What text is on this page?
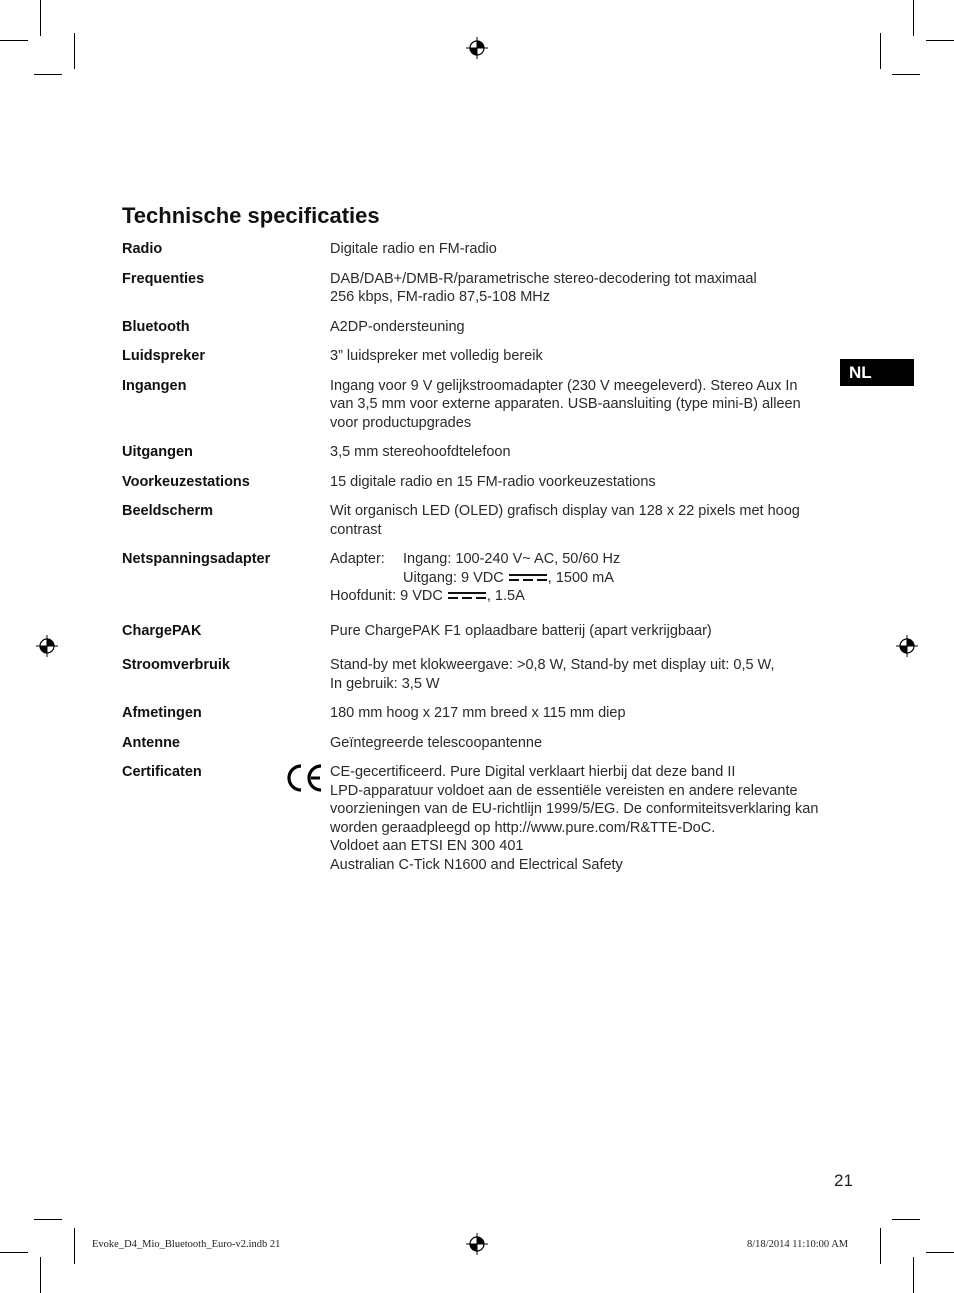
Technische specificaties
NL
Radio	Digitale radio en FM-radio
Frequenties	DAB/DAB+/DMB-R/parametrische stereo-decodering tot maximaal
256 kbps, FM-radio 87,5-108 MHz
Bluetooth	A2DP-ondersteuning
Luidspreker	3” luidspreker met volledig bereik
Ingangen	Ingang voor 9 V gelijkstroomadapter (230 V meegeleverd). Stereo Aux In
van 3,5 mm voor externe apparaten. USB-aansluiting (type mini-B) alleen
voor productupgrades
Uitgangen	3,5 mm stereohoofdtelefoon
Voorkeuzestations	15 digitale radio en 15 FM-radio voorkeuzestations
Beeldscherm	Wit organisch LED (OLED) grafisch display van 128 x 22 pixels met hoog
contrast
Netspanningsadapter	Adapter:	Ingang: 100-240 V~ AC, 50/60 Hz
Uitgang: 9 VDC	, 1500 mA
Hoofdunit: 9 VDC	, 1.5A
ChargePAK	Pure ChargePAK F1 oplaadbare batterij (apart verkrijgbaar)
Stroomverbruik	Stand-by met klokweergave: >0,8 W, Stand-by met display uit: 0,5 W,
In gebruik: 3,5 W
Afmetingen	180 mm hoog x 217 mm breed x 115 mm diep
Antenne	Geïntegreerde telescoopantenne
Certificaten	CE-gecertificeerd. Pure Digital verklaart hierbij dat deze band II
LPD-apparatuur voldoet aan de essentiële vereisten en andere relevante
voorzieningen van de EU-richtlijn 1999/5/EG. De conformiteitsverklaring kan
worden geraadpleegd op http://www.pure.com/R&TTE-DoC.
Voldoet aan ETSI EN 300 401
Australian C-Tick N1600 and Electrical Safety
21
Evoke_D4_Mio_Bluetooth_Euro-v2.indb 21	8/18/2014 11:10:00 AM
